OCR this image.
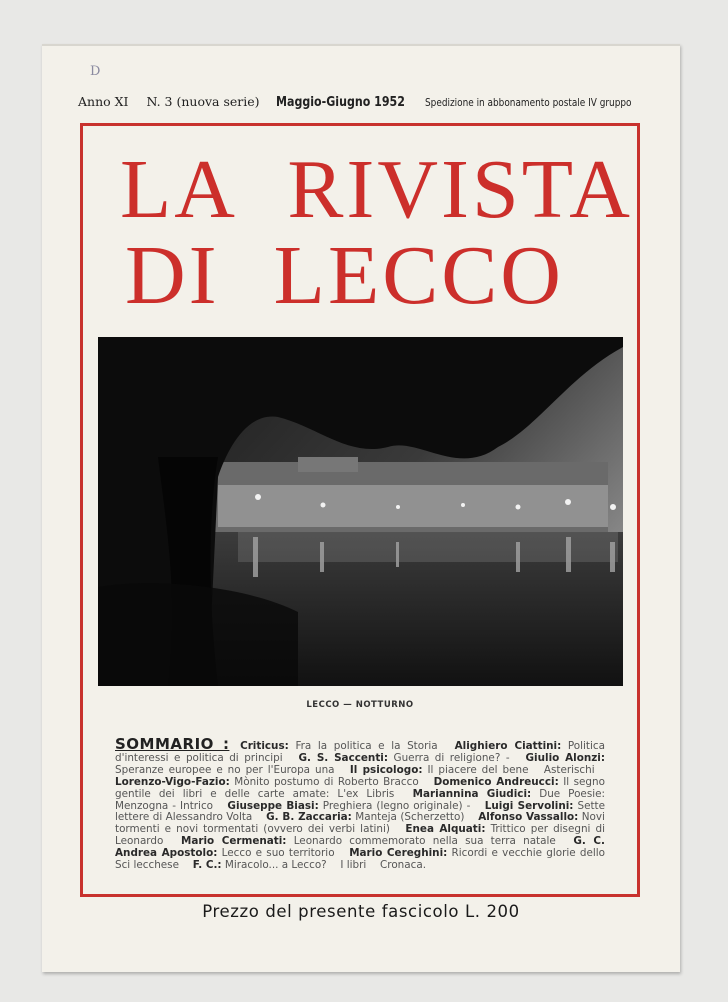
D
Anno XI N. 3 (nuova serie) Maggio-Giugno 1952 Spedizione in abbonamento postale IV gruppo
LA RIVISTA
DI LECCO
LECCO — NOTTURNO
SOMMARIO : Criticus: Fra la politica e la Storia  Alighiero Ciattini: Politica d'interessi e politica di principi  G. S. Saccenti: Guerra di religione? -  Giulio Alonzi: Speranze europee e no per l'Europa una  Il psicologo: Il piacere del bene  Asterischi  Lorenzo-Vigo-Fazio: Mònito postumo di Roberto Bracco  Domenico Andreucci: Il segno gentile dei libri e delle carte amate: L'ex Libris  Mariannina Giudici: Due Poesie: Menzogna - Intrico  Giuseppe Biasi: Preghiera (legno originale) -  Luigi Servolini: Sette lettere di Alessandro Volta  G. B. Zaccaria: Manteja (Scherzetto)  Alfonso Vassallo: Novi tormenti e novi tormentati (ovvero dei verbi latini)  Enea Alquati: Trittico per disegni di Leonardo  Mario Cermenati: Leonardo commemorato nella sua terra natale  G. C. Andrea Apostolo: Lecco e suo territorio  Mario Cereghini: Ricordi e vecchie glorie dello Sci lecchese  F. C.: Miracolo... a Lecco?  I libri  Cronaca. 
Prezzo del presente fascicolo L. 200
